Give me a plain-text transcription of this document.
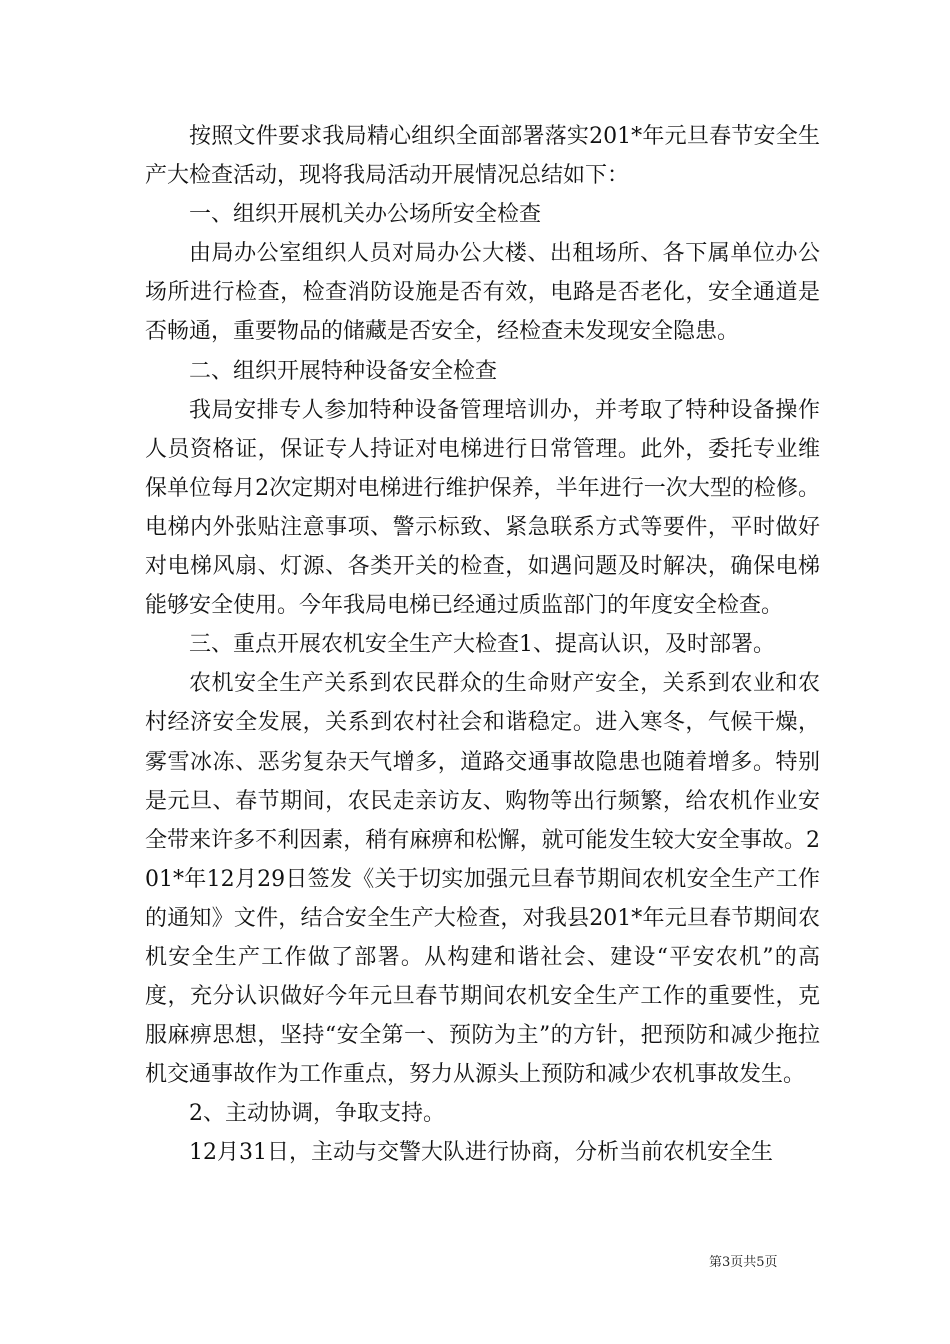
按照文件要求我局精心组织全面部署落实201*年元旦春节安全生产大检查活动，现将我局活动开展情况总结如下：

一、组织开展机关办公场所安全检查

由局办公室组织人员对局办公大楼、出租场所、各下属单位办公场所进行检查，检查消防设施是否有效，电路是否老化，安全通道是否畅通，重要物品的储藏是否安全，经检查未发现安全隐患。

二、组织开展特种设备安全检查

我局安排专人参加特种设备管理培训办，并考取了特种设备操作人员资格证，保证专人持证对电梯进行日常管理。此外，委托专业维保单位每月2次定期对电梯进行维护保养，半年进行一次大型的检修。电梯内外张贴注意事项、警示标致、紧急联系方式等要件，平时做好对电梯风扇、灯源、各类开关的检查，如遇问题及时解决，确保电梯能够安全使用。今年我局电梯已经通过质监部门的年度安全检查。

三、重点开展农机安全生产大检查1、提高认识，及时部署。

农机安全生产关系到农民群众的生命财产安全，关系到农业和农村经济安全发展，关系到农村社会和谐稳定。进入寒冬，气候干燥，雾雪冰冻、恶劣复杂天气增多，道路交通事故隐患也随着增多。特别是元旦、春节期间，农民走亲访友、购物等出行频繁，给农机作业安全带来许多不利因素，稍有麻痹和松懈，就可能发生较大安全事故。201*年12月29日签发《关于切实加强元旦春节期间农机安全生产工作的通知》文件，结合安全生产大检查，对我县201*年元旦春节期间农机安全生产工作做了部署。从构建和谐社会、建设“平安农机”的高度，充分认识做好今年元旦春节期间农机安全生产工作的重要性，克服麻痹思想，坚持“安全第一、预防为主”的方针，把预防和减少拖拉机交通事故作为工作重点，努力从源头上预防和减少农机事故发生。

2、主动协调，争取支持。

12月31日，主动与交警大队进行协商，分析当前农机安全生

第3页共5页
